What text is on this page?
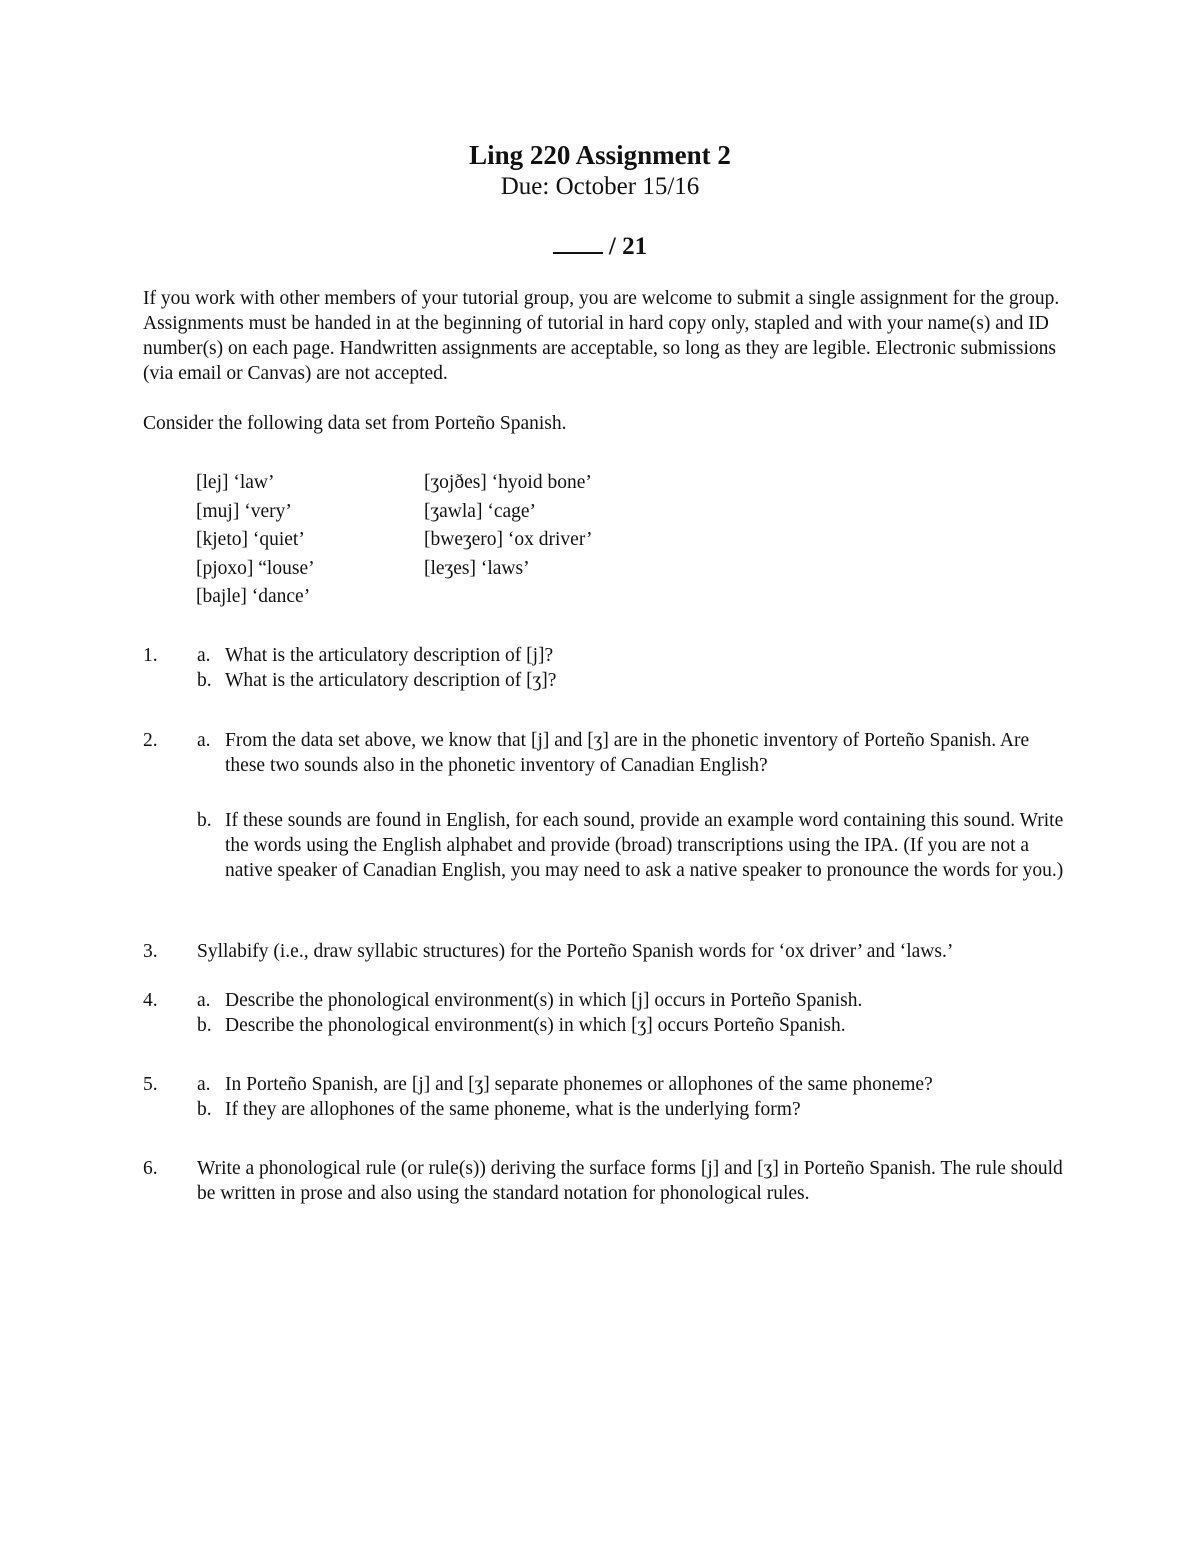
Ling 220 Assignment 2
Due: October 15/16
/ 21

If you work with other members of your tutorial group, you are welcome to submit a single assignment for the group. Assignments must be handed in at the beginning of tutorial in hard copy only, stapled and with your name(s) and ID number(s) on each page. Handwritten assignments are acceptable, so long as they are legible. Electronic submissions (via email or Canvas) are not accepted.

Consider the following data set from Porteño Spanish.

[lej] ‘law’
[muj] ‘very’
[kjeto] ‘quiet’
[pjoxo] “louse’
[bajle] ‘dance’
[ʒojðes] ‘hyoid bone’
[ʒawla] ‘cage’
[bweʒero] ‘ox driver’
[leʒes] ‘laws’
1. a. What is the articulatory description of [j]?
b. What is the articulatory description of [ʒ]?
2. a. From the data set above, we know that [j] and [ʒ] are in the phonetic inventory of Porteño Spanish. Are these two sounds also in the phonetic inventory of Canadian English?
b. If these sounds are found in English, for each sound, provide an example word containing this sound. Write the words using the English alphabet and provide (broad) transcriptions using the IPA. (If you are not a native speaker of Canadian English, you may need to ask a native speaker to pronounce the words for you.)
3. Syllabify (i.e., draw syllabic structures) for the Porteño Spanish words for ‘ox driver’ and ‘laws.’
4. a. Describe the phonological environment(s) in which [j] occurs in Porteño Spanish.
b. Describe the phonological environment(s) in which [ʒ] occurs Porteño Spanish.
5. a. In Porteño Spanish, are [j] and [ʒ] separate phonemes or allophones of the same phoneme?
b. If they are allophones of the same phoneme, what is the underlying form?
6. Write a phonological rule (or rule(s)) deriving the surface forms [j] and [ʒ] in Porteño Spanish. The rule should be written in prose and also using the standard notation for phonological rules.
